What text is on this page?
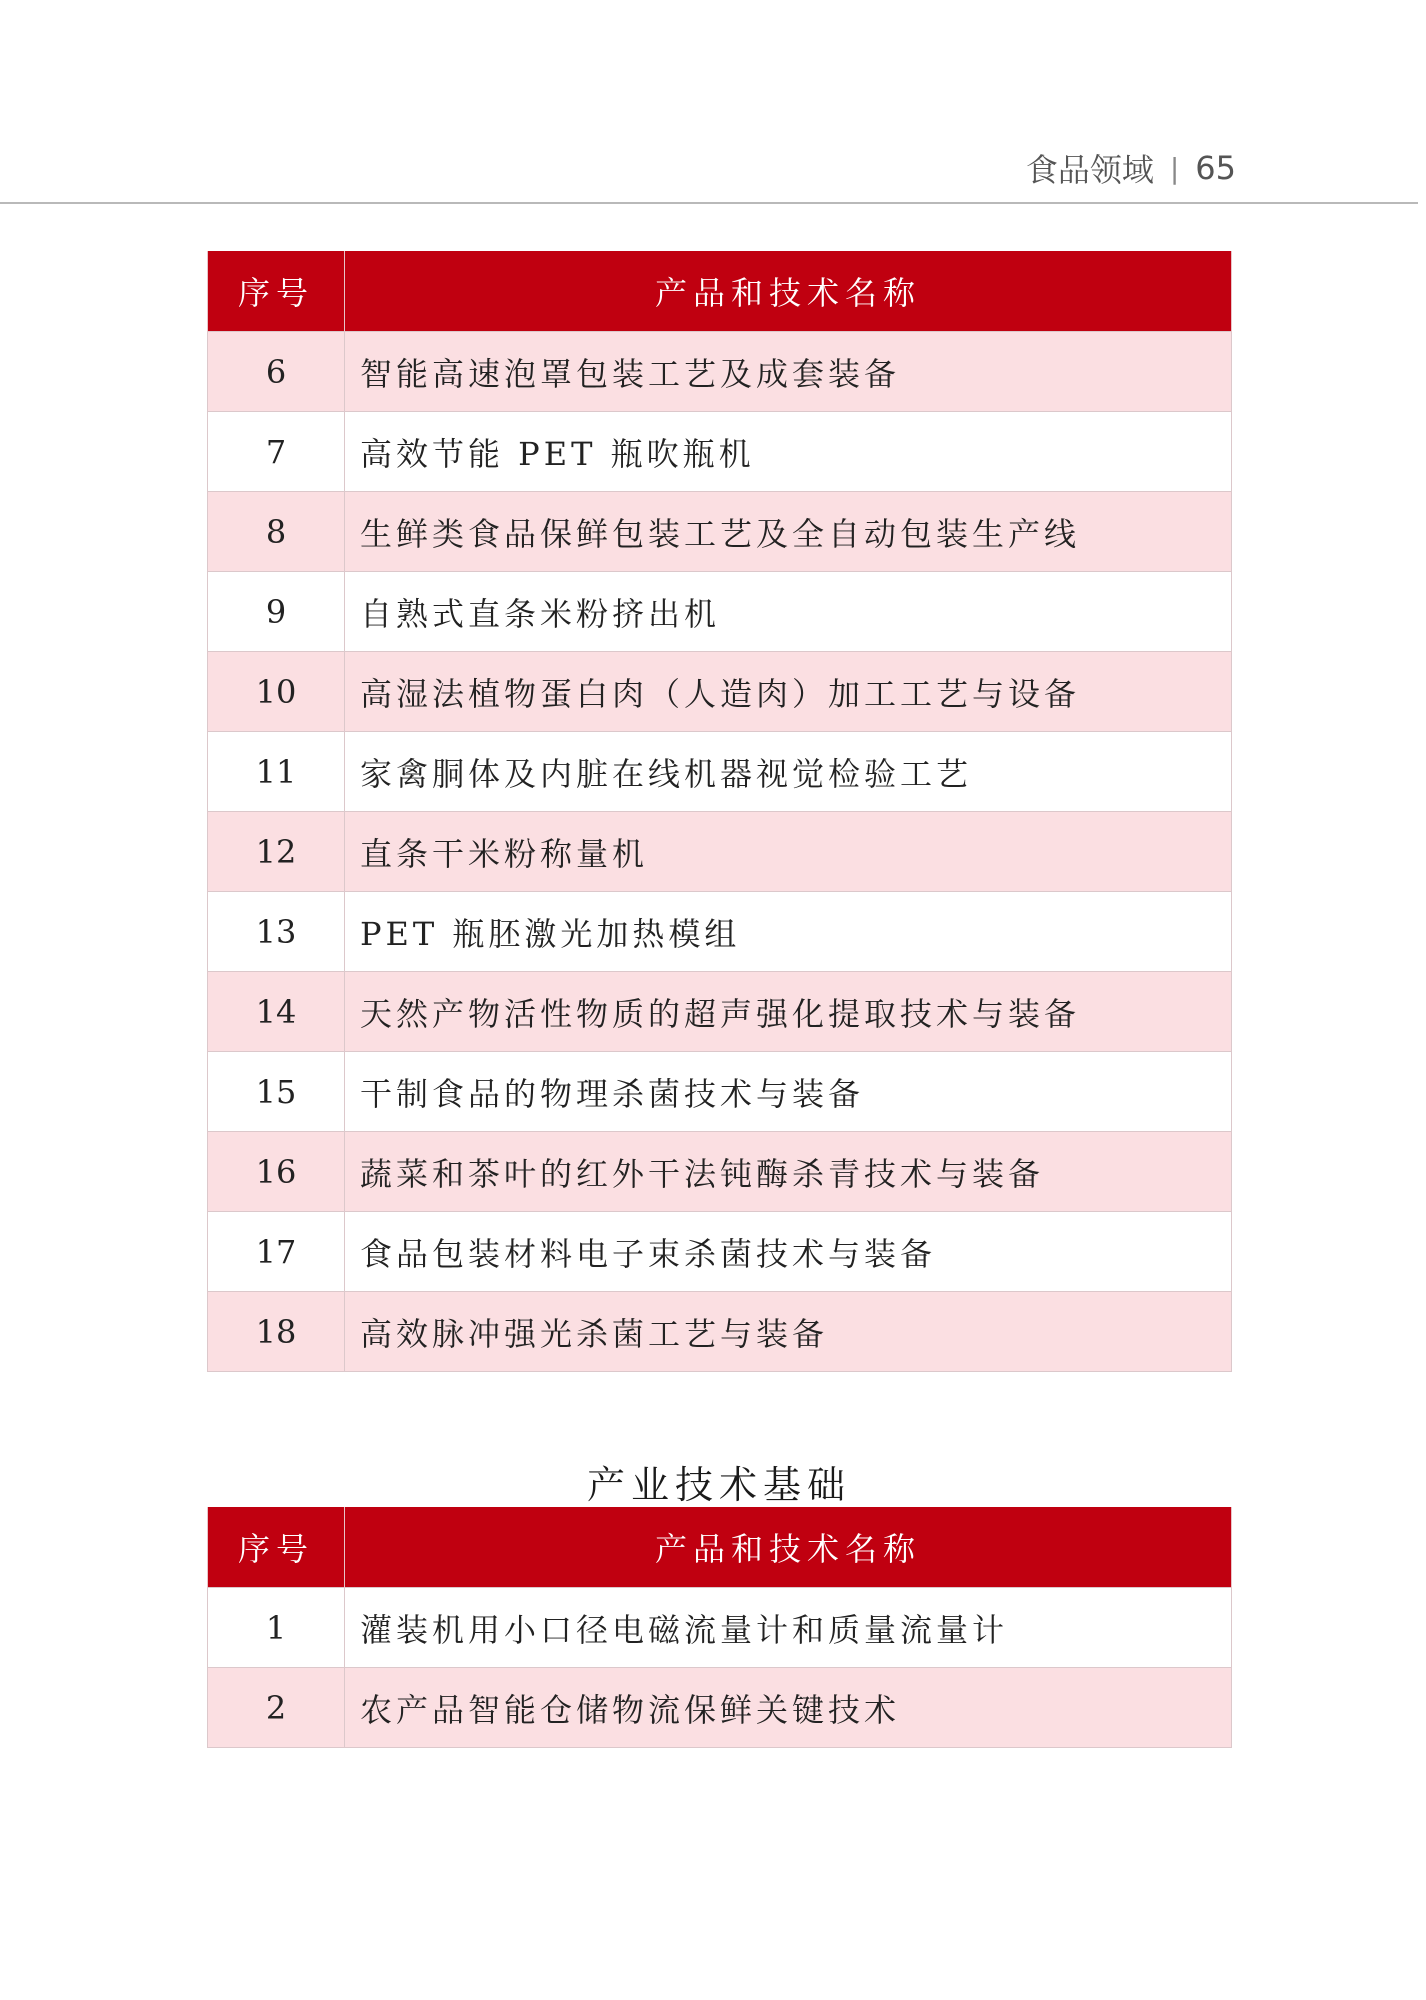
食品领域 | 65
序号	产品和技术名称
6	智能高速泡罩包装工艺及成套装备
7	高效节能 PET 瓶吹瓶机
8	生鲜类食品保鲜包装工艺及全自动包装生产线
9	自熟式直条米粉挤出机
10	高湿法植物蛋白肉（人造肉）加工工艺与设备
11	家禽胴体及内脏在线机器视觉检验工艺
12	直条干米粉称量机
13	PET 瓶胚激光加热模组
14	天然产物活性物质的超声强化提取技术与装备
15	干制食品的物理杀菌技术与装备
16	蔬菜和茶叶的红外干法钝酶杀青技术与装备
17	食品包装材料电子束杀菌技术与装备
18	高效脉冲强光杀菌工艺与装备
产业技术基础
序号	产品和技术名称
1	灌装机用小口径电磁流量计和质量流量计
2	农产品智能仓储物流保鲜关键技术
